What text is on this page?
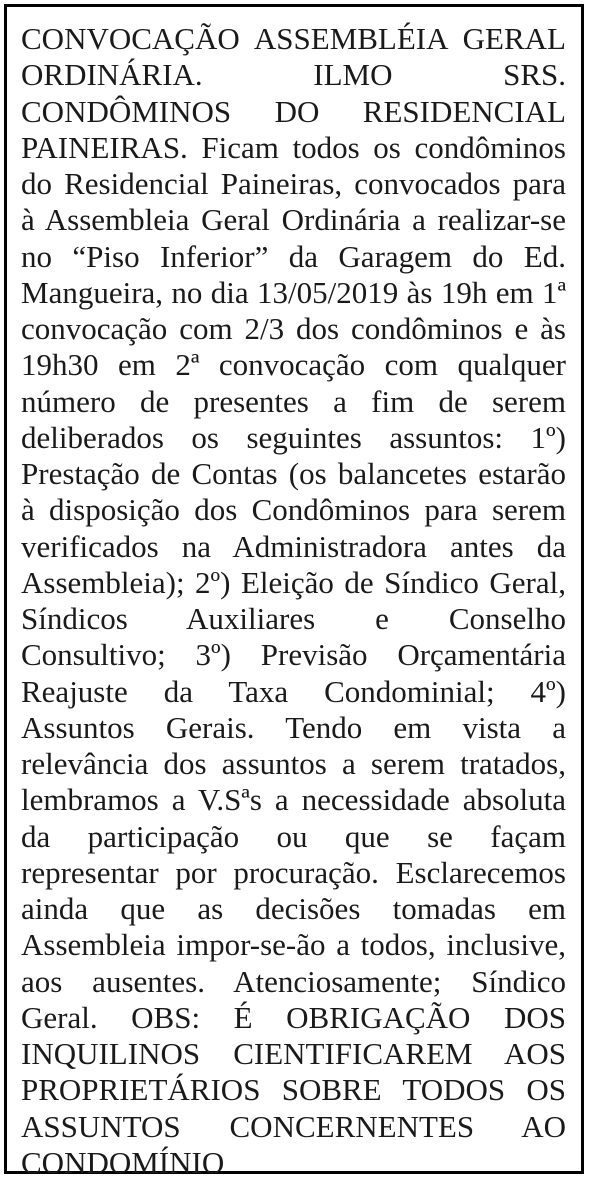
CONVOCAÇÃO ASSEMBLÉIA GERAL
ORDINÁRIA. ILMO SRS.
CONDÔMINOS DO RESIDENCIAL
PAINEIRAS. Ficam todos os condôminos
do Residencial Paineiras, convocados para
à Assembleia Geral Ordinária a realizar-se
no “Piso Inferior” da Garagem do Ed.
Mangueira, no dia 13/05/2019 às 19h em 1ª
convocação com 2/3 dos condôminos e às
19h30 em 2ª convocação com qualquer
número de presentes a fim de serem
deliberados os seguintes assuntos: 1º)
Prestação de Contas (os balancetes estarão
à disposição dos Condôminos para serem
verificados na Administradora antes da
Assembleia); 2º) Eleição de Síndico Geral,
Síndicos Auxiliares e Conselho
Consultivo; 3º) Previsão Orçamentária
Reajuste da Taxa Condominial; 4º)
Assuntos Gerais. Tendo em vista a
relevância dos assuntos a serem tratados,
lembramos a V.Sªs a necessidade absoluta
da participação ou que se façam
representar por procuração. Esclarecemos
ainda que as decisões tomadas em
Assembleia impor-se-ão a todos, inclusive,
aos ausentes. Atenciosamente; Síndico
Geral. OBS: É OBRIGAÇÃO DOS
INQUILINOS CIENTIFICAREM AOS
PROPRIETÁRIOS SOBRE TODOS OS
ASSUNTOS CONCERNENTES AO
CONDOMÍNIO
